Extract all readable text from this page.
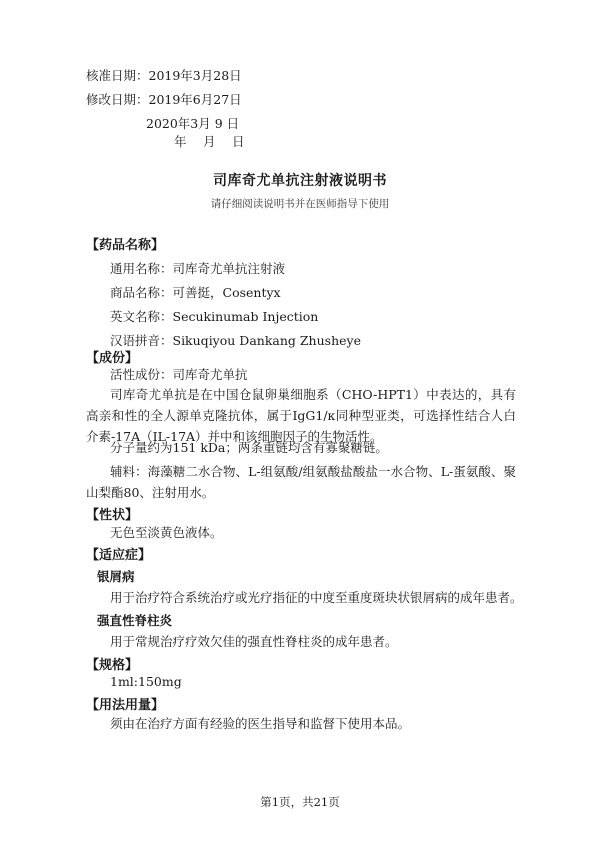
核准日期：2019年3月28日
修改日期：2019年6月27日
2020年3月 9 日
年　 月　 日
司库奇尤单抗注射液说明书
请仔细阅读说明书并在医师指导下使用
【药品名称】
通用名称：司库奇尤单抗注射液
商品名称：可善挺，Cosentyx
英文名称：Secukinumab Injection
汉语拼音：Sikuqiyou Dankang Zhusheye
【成份】
活性成份：司库奇尤单抗
司库奇尤单抗是在中国仓鼠卵巢细胞系（CHO-HPT1）中表达的，具有高亲和性的全人源单克隆抗体，属于IgG1/κ同种型亚类，可选择性结合人白介素-17A（IL-17A）并中和该细胞因子的生物活性。
分子量约为151 kDa；两条重链均含有寡聚糖链。
辅料：海藻糖二水合物、L-组氨酸/组氨酸盐酸盐一水合物、L-蛋氨酸、聚山梨酯80、注射用水。
【性状】
无色至淡黄色液体。
【适应症】
银屑病
用于治疗符合系统治疗或光疗指征的中度至重度斑块状银屑病的成年患者。
强直性脊柱炎
用于常规治疗疗效欠佳的强直性脊柱炎的成年患者。
【规格】
1ml:150mg
【用法用量】
须由在治疗方面有经验的医生指导和监督下使用本品。
第1页，共21页
